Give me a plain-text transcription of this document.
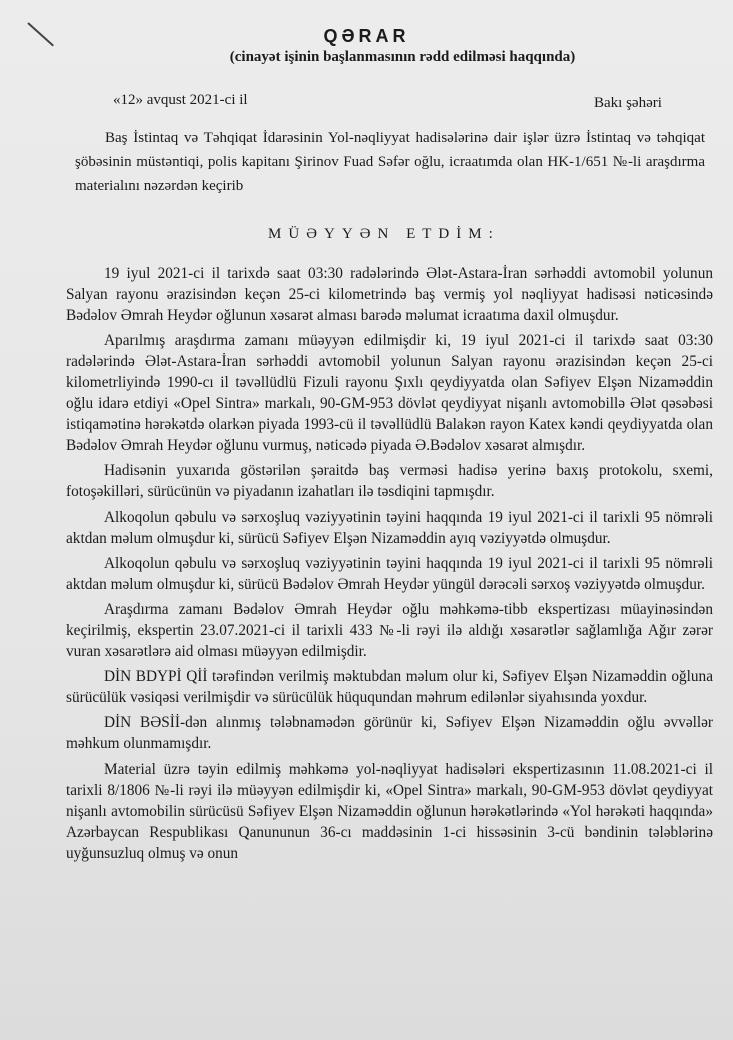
QƏRAR
(cinayət işinin başlanmasının rədd edilməsi haqqında)
«12» avqust 2021-ci il	Bakı şəhəri

Baş İstintaq və Təhqiqat İdarəsinin Yol-nəqliyyat hadisələrinə dair işlər üzrə İstintaq və təhqiqat şöbəsinin müstəntiqi, polis kapitanı Şirinov Fuad Səfər oğlu, icraatımda olan HK-1/651 №-li araşdırma materialını nəzərdən keçirib

MÜƏYYƏN ETDİM:

19 iyul 2021-ci il tarixdə saat 03:30 radələrində Ələt-Astara-İran sərhəddi avtomobil yolunun Salyan rayonu ərazisindən keçən 25-ci kilometrində baş vermiş yol nəqliyyat hadisəsi nəticəsində Bədəlov Əmrah Heydər oğlunun xəsarət alması barədə məlumat icraatıma daxil olmuşdur.

Aparılmış araşdırma zamanı müəyyən edilmişdir ki, 19 iyul 2021-ci il tarixdə saat 03:30 radələrində Ələt-Astara-İran sərhəddi avtomobil yolunun Salyan rayonu ərazisindən keçən 25-ci kilometrliyində 1990-cı il təvəllüdlü Fizuli rayonu Şıxlı qeydiyyatda olan Səfiyev Elşən Nizaməddin oğlu idarə etdiyi «Opel Sintra» markalı, 90-GM-953 dövlət qeydiyyat nişanlı avtomobillə Ələt qəsəbəsi istiqamətinə hərəkətdə olarkən piyada 1993-cü il təvəllüdlü Balakən rayon Katex kəndi qeydiyyatda olan Bədəlov Əmrah Heydər oğlunu vurmuş, nəticədə piyada Ə.Bədəlov xəsarət almışdır.

Hadisənin yuxarıda göstərilən şəraitdə baş verməsi hadisə yerinə baxış protokolu, sxemi, fotoşəkilləri, sürücünün və piyadanın izahatları ilə təsdiqini tapmışdır.

Alkoqolun qəbulu və sərxoşluq vəziyyətinin təyini haqqında 19 iyul 2021-ci il tarixli 95 nömrəli aktdan məlum olmuşdur ki, sürücü Səfiyev Elşən Nizaməddin ayıq vəziyyətdə olmuşdur.

Alkoqolun qəbulu və sərxoşluq vəziyyətinin təyini haqqında 19 iyul 2021-ci il tarixli 95 nömrəli aktdan məlum olmuşdur ki, sürücü Bədəlov Əmrah Heydər yüngül dərəcəli sərxoş vəziyyətdə olmuşdur.

Araşdırma zamanı Bədəlov Əmrah Heydər oğlu məhkəmə-tibb ekspertizası müayinəsindən keçirilmiş, ekspertin 23.07.2021-ci il tarixli 433 №-li rəyi ilə aldığı xəsarətlər sağlamlığa Ağır zərər vuran xəsarətlərə aid olması müəyyən edilmişdir.

DİN BDYPİ Qİİ tərəfindən verilmiş məktubdan məlum olur ki, Səfiyev Elşən Nizaməddin oğluna sürücülük vəsiqəsi verilmişdir və sürücülük hüququndan məhrum edilənlər siyahısında yoxdur.

DİN BƏSİİ-dən alınmış tələbnamədən görünür ki, Səfiyev Elşən Nizaməddin oğlu əvvəllər məhkum olunmamışdır.

Material üzrə təyin edilmiş məhkəmə yol-nəqliyyat hadisələri ekspertizasının 11.08.2021-ci il tarixli 8/1806 №-li rəyi ilə müəyyən edilmişdir ki, «Opel Sintra» markalı, 90-GM-953 dövlət qeydiyyat nişanlı avtomobilin sürücüsü Səfiyev Elşən Nizaməddin oğlunun hərəkətlərində «Yol hərəkəti haqqında» Azərbaycan Respublikası Qanununun 36-cı maddəsinin 1-ci hissəsinin 3-cü bəndinin tələblərinə uyğunsuzluq olmuş və onun
